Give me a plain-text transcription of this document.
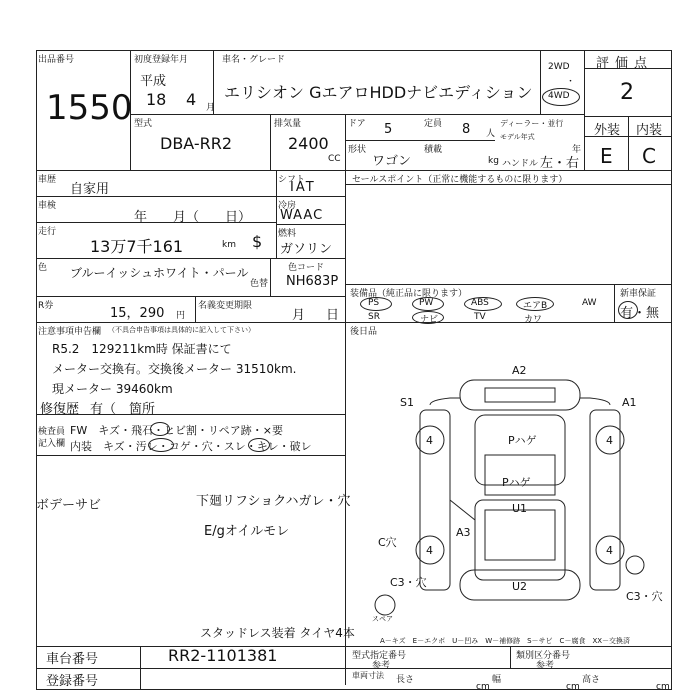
出品番号
1550
初度登録年月	車名・グレード
平成
18 4 月
エリシオン GエアロHDDナビエディション
2WD
・
4WD
評価点
2
外装 内装
E C
型式
DBA-RR2
排気量
2400
CC
ドア 5	定員 8 人
ディーラー・並行
モデル年式
年
形状
ワゴン
積載
kg ハンドル 左・右
車歴
自家用
車検
年　　月（　　日）
走行
13万7千161	km $
シフト
IAT
冷房
WAAC
燃料
ガソリン
セールスポイント（正常に機能するものに限ります）
色 ブルーイッシュホワイト・パール	色コード
色替 NH683P
R券	15，290 円
名義変更期限
月 日
装備品（純正品に限ります）	新車保証
有・無
PS	PW	ABS	エアB	AW
SR	ナビ	TV	カワ
後日品
注意事項申告欄 （不具合申告事項は具体的に記入して下さい）
R5.2　129211km時 保証書にて
メーター交換有。交換後メーター 31510km.
現メーター 39460km
修復歴 有（　箇所
検査員
記入欄
FW　キズ・飛石・ヒビ割・リペア跡・×要
内装　キズ・汚レ・コゲ・穴・スレ・キレ・破レ
ボデーサビ	下廻リフショクハガレ・穴
E/gオイルモレ
スタッドレス装着 タイヤ4本
A2
S1	A1
Pハゲ
Pハゲ
U1
A3
C穴
U2
C3・穴
C3・穴
4	4
4	4
スペア
A－キズ　E－エクボ　U－凹み　W－補修跡　S－サビ　C－腐食　XX－交換済
車台番号	RR2-1101381
登録番号
型式指定番号
参考
類別区分番号
参考
車両寸法 長さ
cm
幅
cm
高さ
cm
